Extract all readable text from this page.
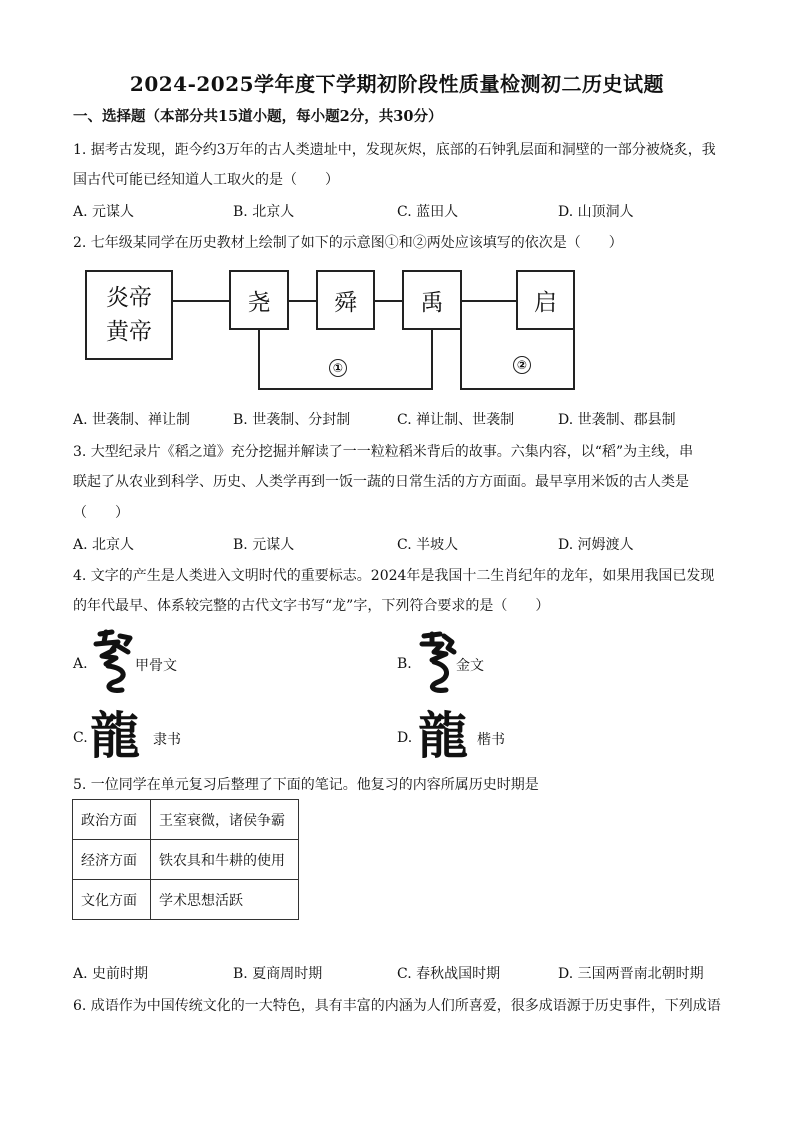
2024-2025学年度下学期初阶段性质量检测初二历史试题
一、选择题（本部分共15道小题，每小题2分，共30分）
1. 据考古发现，距今约3万年的古人类遗址中，发现灰烬，底部的石钟乳层面和洞壁的一部分被烧炙，我
国古代可能已经知道人工取火的是（　　）
A. 元谋人	B. 北京人	C. 蓝田人	D. 山顶洞人
2. 七年级某同学在历史教材上绘制了如下的示意图①和②两处应该填写的依次是（　　）
炎帝
黄帝
尧	舜	禹	启
①	②
A. 世袭制、禅让制	B. 世袭制、分封制	C. 禅让制、世袭制	D. 世袭制、郡县制
3. 大型纪录片《稻之道》充分挖掘并解读了一一粒粒稻米背后的故事。六集内容，以“稻”为主线，串
联起了从农业到科学、历史、人类学再到一饭一蔬的日常生活的方方面面。最早享用米饭的古人类是
（　　）
A. 北京人	B. 元谋人	C. 半坡人	D. 河姆渡人
4. 文字的产生是人类进入文明时代的重要标志。2024年是我国十二生肖纪年的龙年，如果用我国已发现
的年代最早、体系较完整的古代文字书写“龙”字，下列符合要求的是（　　）
A.	甲骨文	B.	金文
C. 龍 隶书	D. 龍 楷书
5. 一位同学在单元复习后整理了下面的笔记。他复习的内容所属历史时期是
政治方面	王室衰微，诸侯争霸
经济方面	铁农具和牛耕的使用
文化方面	学术思想活跃
A. 史前时期	B. 夏商周时期	C. 春秋战国时期	D. 三国两晋南北朝时期
6. 成语作为中国传统文化的一大特色，具有丰富的内涵为人们所喜爱，很多成语源于历史事件，下列成语
